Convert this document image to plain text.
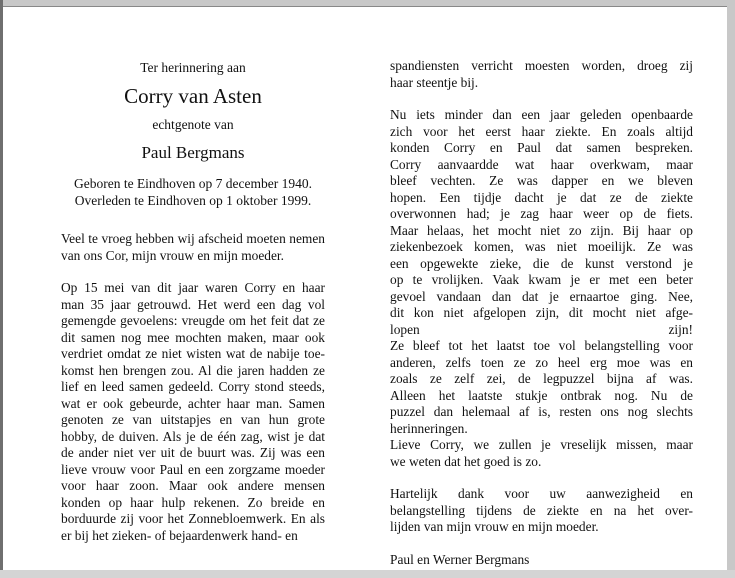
Ter herinnering aan
Corry van Asten
echtgenote van
Paul Bergmans
Geboren te Eindhoven op 7 december 1940.
Overleden te Eindhoven op 1 oktober 1999.
Veel te vroeg hebben wij afscheid moeten nemen
van ons Cor, mijn vrouw en mijn moeder.
Op 15 mei van dit jaar waren Corry en haar
man 35 jaar getrouwd. Het werd een dag vol
gemengde gevoelens: vreugde om het feit dat ze
dit samen nog mee mochten maken, maar ook
verdriet omdat ze niet wisten wat de nabije toe-
komst hen brengen zou. Al die jaren hadden ze
lief en leed samen gedeeld. Corry stond steeds,
wat er ook gebeurde, achter haar man. Samen
genoten ze van uitstapjes en van hun grote
hobby, de duiven. Als je de één zag, wist je dat
de ander niet ver uit de buurt was. Zij was een
lieve vrouw voor Paul en een zorgzame moeder
voor haar zoon. Maar ook andere mensen
konden op haar hulp rekenen. Zo breide en
borduurde zij voor het Zonnebloemwerk. En als
er bij het zieken- of bejaardenwerk hand- en
spandiensten verricht moesten worden, droeg zij
haar steentje bij.
Nu iets minder dan een jaar geleden openbaarde
zich voor het eerst haar ziekte. En zoals altijd
konden Corry en Paul dat samen bespreken.
Corry aanvaardde wat haar overkwam, maar
bleef vechten. Ze was dapper en we bleven
hopen. Een tijdje dacht je dat ze de ziekte
overwonnen had; je zag haar weer op de fiets.
Maar helaas, het mocht niet zo zijn. Bij haar op
ziekenbezoek komen, was niet moeilijk. Ze was
een opgewekte zieke, die de kunst verstond je
op te vrolijken. Vaak kwam je er met een beter
gevoel vandaan dan dat je ernaartoe ging. Nee,
dit kon niet afgelopen zijn, dit mocht niet afge-
lopen zijn!
Ze bleef tot het laatst toe vol belangstelling voor
anderen, zelfs toen ze zo heel erg moe was en
zoals ze zelf zei, de legpuzzel bijna af was.
Alleen het laatste stukje ontbrak nog. Nu de
puzzel dan helemaal af is, resten ons nog slechts
herinneringen.
Lieve Corry, we zullen je vreselijk missen, maar
we weten dat het goed is zo.
Hartelijk dank voor uw aanwezigheid en
belangstelling tijdens de ziekte en na het over-
lijden van mijn vrouw en mijn moeder.
Paul en Werner Bergmans
